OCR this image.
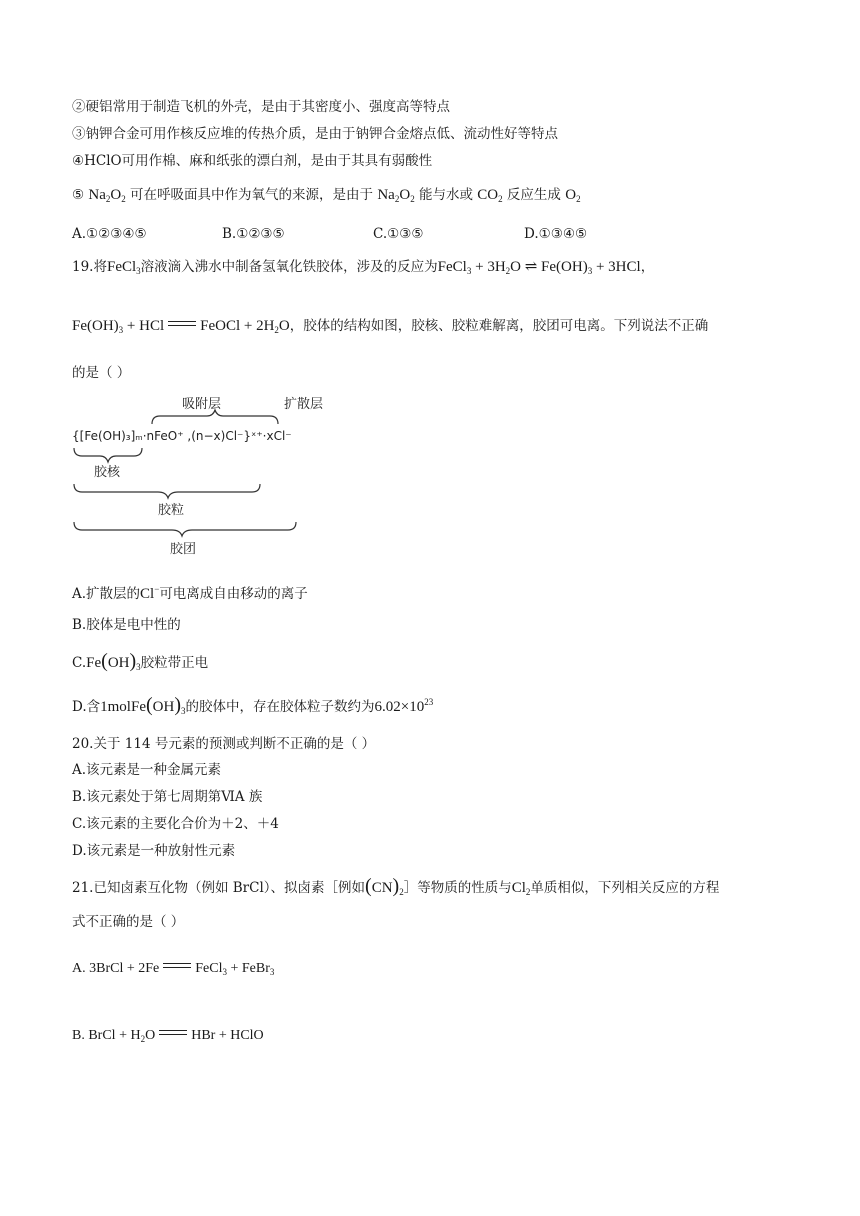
②硬铝常用于制造飞机的外壳，是由于其密度小、强度高等特点
③钠钾合金可用作核反应堆的传热介质，是由于钠钾合金熔点低、流动性好等特点
④HClO可用作棉、麻和纸张的漂白剂，是由于其具有弱酸性
⑤ $Na_2O_2$ 可在呼吸面具中作为氧气的来源，是由于 $Na_2O_2$ 能与水或 $CO_2$ 反应生成 $O_2$
A.①②③④⑤	B.①②③⑤	C.①③⑤	D.①③④⑤
19.将FeCl$_3$溶液滴入沸水中制备氢氧化铁胶体，涉及的反应为FeCl$_3$ + $3H_2O$ ⇌ $Fe(OH)_3 + 3HCl$，
$Fe(OH)_3$ + HCl FeOCl + $2H_2O$，胶体的结构如图，胶核、胶粒难解离，胶团可电离。下列说法不正确
的是（ ）
吸附层	扩散层
{[Fe(OH)₃]ₘ·nFeO⁺ ,(n−x)Cl⁻}ˣ⁺·xCl⁻
胶核
胶粒
胶团
A.扩散层的Cl−可电离成自由移动的离子
B.胶体是电中性的
$C.Fe(OH)_3$胶粒带正电
D.含$1molFe(OH)_3$的胶体中，存在胶体粒子数约为$6.02\times 10^{23}$
20.关于 114 号元素的预测或判断不正确的是（ ）
A.该元素是一种金属元素
B.该元素处于第七周期第ⅥA 族
C.该元素的主要化合价为＋2、＋4
D.该元素是一种放射性元素
21.已知卤素互化物（例如 BrCl）、拟卤素［例如$(CN)_2]$等物质的性质与$Cl_2$单质相似，下列相关反应的方程
式不正确的是（ ）
A. 3BrCl + 2Fe	FeCl$_3$ + FeBr$_3$
B. BrCl + $H_2O$	HBr + HClO
